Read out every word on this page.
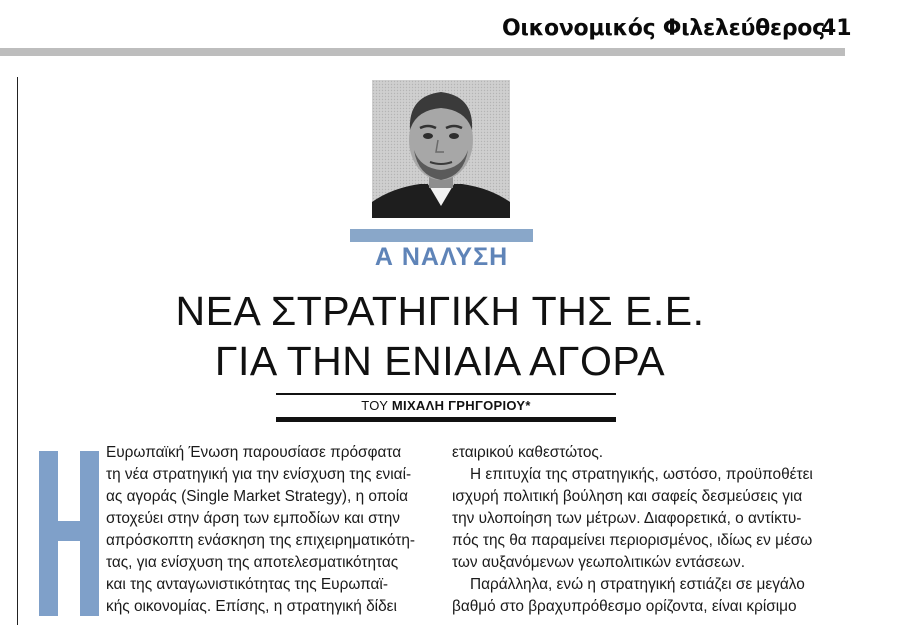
Οικονομικός Φιλελεύθερος
41
Α ΝΑΛΥΣΗ
ΝΕΑ ΣΤΡΑΤΗΓΙΚΗ ΤΗΣ Ε.Ε.
ΓΙΑ ΤΗΝ ΕΝΙΑΙΑ ΑΓΟΡΑ
ΤΟΥ ΜΙΧΑΛΗ ΓΡΗΓΟΡΙΟΥ*
Ευρωπαϊκή Ένωση παρουσίασε πρόσφατα
τη νέα στρατηγική για την ενίσχυση της ενιαί-
ας αγοράς (Single Market Strategy), η οποία
στοχεύει στην άρση των εμποδίων και στην
απρόσκοπτη ενάσκηση της επιχειρηματικότη-
τας, για ενίσχυση της αποτελεσματικότητας
και της ανταγωνιστικότητας της Ευρωπαϊ-
κής οικονομίας. Επίσης, η στρατηγική δίδει
εταιρικού καθεστώτος.
Η επιτυχία της στρατηγικής, ωστόσο, προϋποθέτει
ισχυρή πολιτική βούληση και σαφείς δεσμεύσεις για
την υλοποίηση των μέτρων. Διαφορετικά, ο αντίκτυ-
πός της θα παραμείνει περιορισμένος, ιδίως εν μέσω
των αυξανόμενων γεωπολιτικών εντάσεων.
Παράλληλα, ενώ η στρατηγική εστιάζει σε μεγάλο
βαθμό στο βραχυπρόθεσμο ορίζοντα, είναι κρίσιμο
